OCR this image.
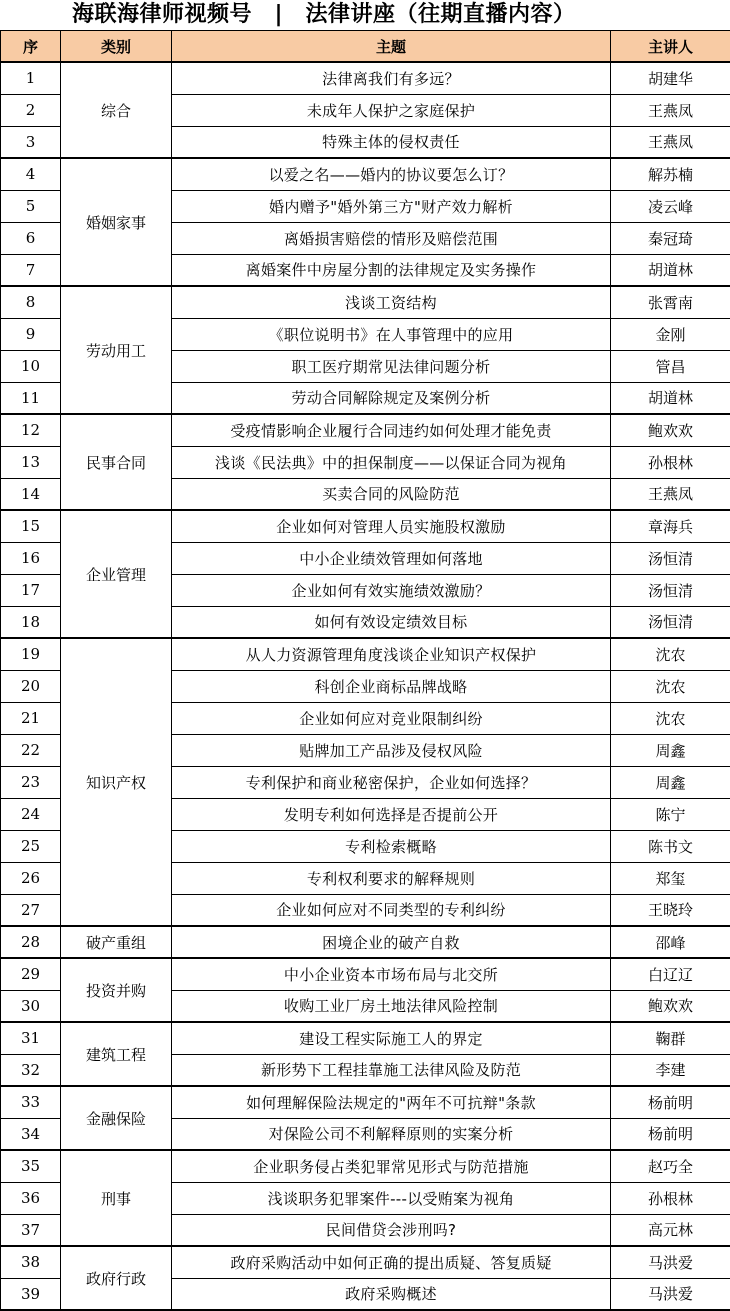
海联海律师视频号　|　法律讲座（往期直播内容）
序	类别	主题	主讲人
1	综合	法律离我们有多远？	胡建华
2		未成年人保护之家庭保护	王燕凤
3		特殊主体的侵权责任	王燕凤
4	婚姻家事	以爱之名——婚内的协议要怎么订？	解苏楠
5		婚内赠予"婚外第三方"财产效力解析	凌云峰
6		离婚损害赔偿的情形及赔偿范围	秦冠琦
7		离婚案件中房屋分割的法律规定及实务操作	胡道林
8	劳动用工	浅谈工资结构	张霄南
9		《职位说明书》在人事管理中的应用	金刚
10		职工医疗期常见法律问题分析	管昌
11		劳动合同解除规定及案例分析	胡道林
12	民事合同	受疫情影响企业履行合同违约如何处理才能免责	鲍欢欢
13		浅谈《民法典》中的担保制度——以保证合同为视角	孙根林
14		买卖合同的风险防范	王燕凤
15	企业管理	企业如何对管理人员实施股权激励	章海兵
16		中小企业绩效管理如何落地	汤恒清
17		企业如何有效实施绩效激励？	汤恒清
18		如何有效设定绩效目标	汤恒清
19	知识产权	从人力资源管理角度浅谈企业知识产权保护	沈农
20		科创企业商标品牌战略	沈农
21		企业如何应对竞业限制纠纷	沈农
22		贴牌加工产品涉及侵权风险	周鑫
23		专利保护和商业秘密保护，企业如何选择？	周鑫
24		发明专利如何选择是否提前公开	陈宁
25		专利检索概略	陈书文
26		专利权利要求的解释规则	郑玺
27		企业如何应对不同类型的专利纠纷	王晓玲
28	破产重组	困境企业的破产自救	邵峰
29	投资并购	中小企业资本市场布局与北交所	白辽辽
30		收购工业厂房土地法律风险控制	鲍欢欢
31	建筑工程	建设工程实际施工人的界定	鞠群
32		新形势下工程挂靠施工法律风险及防范	李建
33	金融保险	如何理解保险法规定的"两年不可抗辩"条款	杨前明
34		对保险公司不利解释原则的实案分析	杨前明
35	刑事	企业职务侵占类犯罪常见形式与防范措施	赵巧全
36		浅谈职务犯罪案件---以受贿案为视角	孙根林
37		民间借贷会涉刑吗?	高元林
38	政府行政	政府采购活动中如何正确的提出质疑、答复质疑	马洪爱
39		政府采购概述	马洪爱
